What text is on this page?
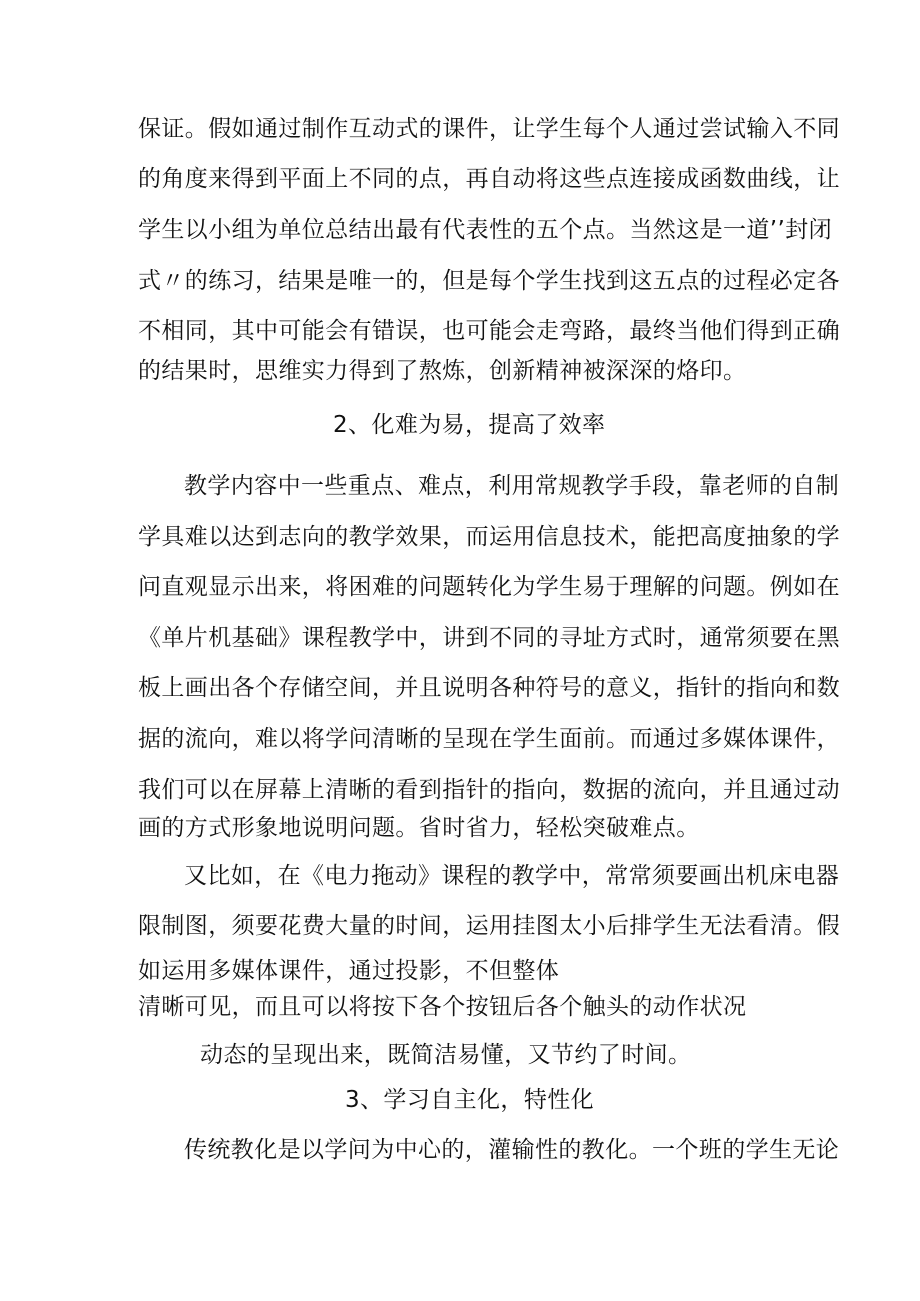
保证。假如通过制作互动式的课件，让学生每个人通过尝试输入不同
的角度来得到平面上不同的点，再自动将这些点连接成函数曲线，让
学生以小组为单位总结出最有代表性的五个点。当然这是一道’’封闭
式〃的练习，结果是唯一的，但是每个学生找到这五点的过程必定各
不相同，其中可能会有错误，也可能会走弯路，最终当他们得到正确
的结果时，思维实力得到了熬炼，创新精神被深深的烙印。
2、化难为易，提高了效率
教学内容中一些重点、难点，利用常规教学手段，靠老师的自制
学具难以达到志向的教学效果，而运用信息技术，能把高度抽象的学
问直观显示出来，将困难的问题转化为学生易于理解的问题。例如在
《单片机基础》课程教学中，讲到不同的寻址方式时，通常须要在黑
板上画出各个存储空间，并且说明各种符号的意义，指针的指向和数
据的流向，难以将学问清晰的呈现在学生面前。而通过多媒体课件，
我们可以在屏幕上清晰的看到指针的指向，数据的流向，并且通过动
画的方式形象地说明问题。省时省力，轻松突破难点。
又比如，在《电力拖动》课程的教学中，常常须要画出机床电器
限制图，须要花费大量的时间，运用挂图太小后排学生无法看清。假
如运用多媒体课件，通过投影，不但整体
清晰可见，而且可以将按下各个按钮后各个触头的动作状况
动态的呈现出来，既简洁易懂，又节约了时间。
3、学习自主化，特性化
传统教化是以学问为中心的，灌输性的教化。一个班的学生无论
